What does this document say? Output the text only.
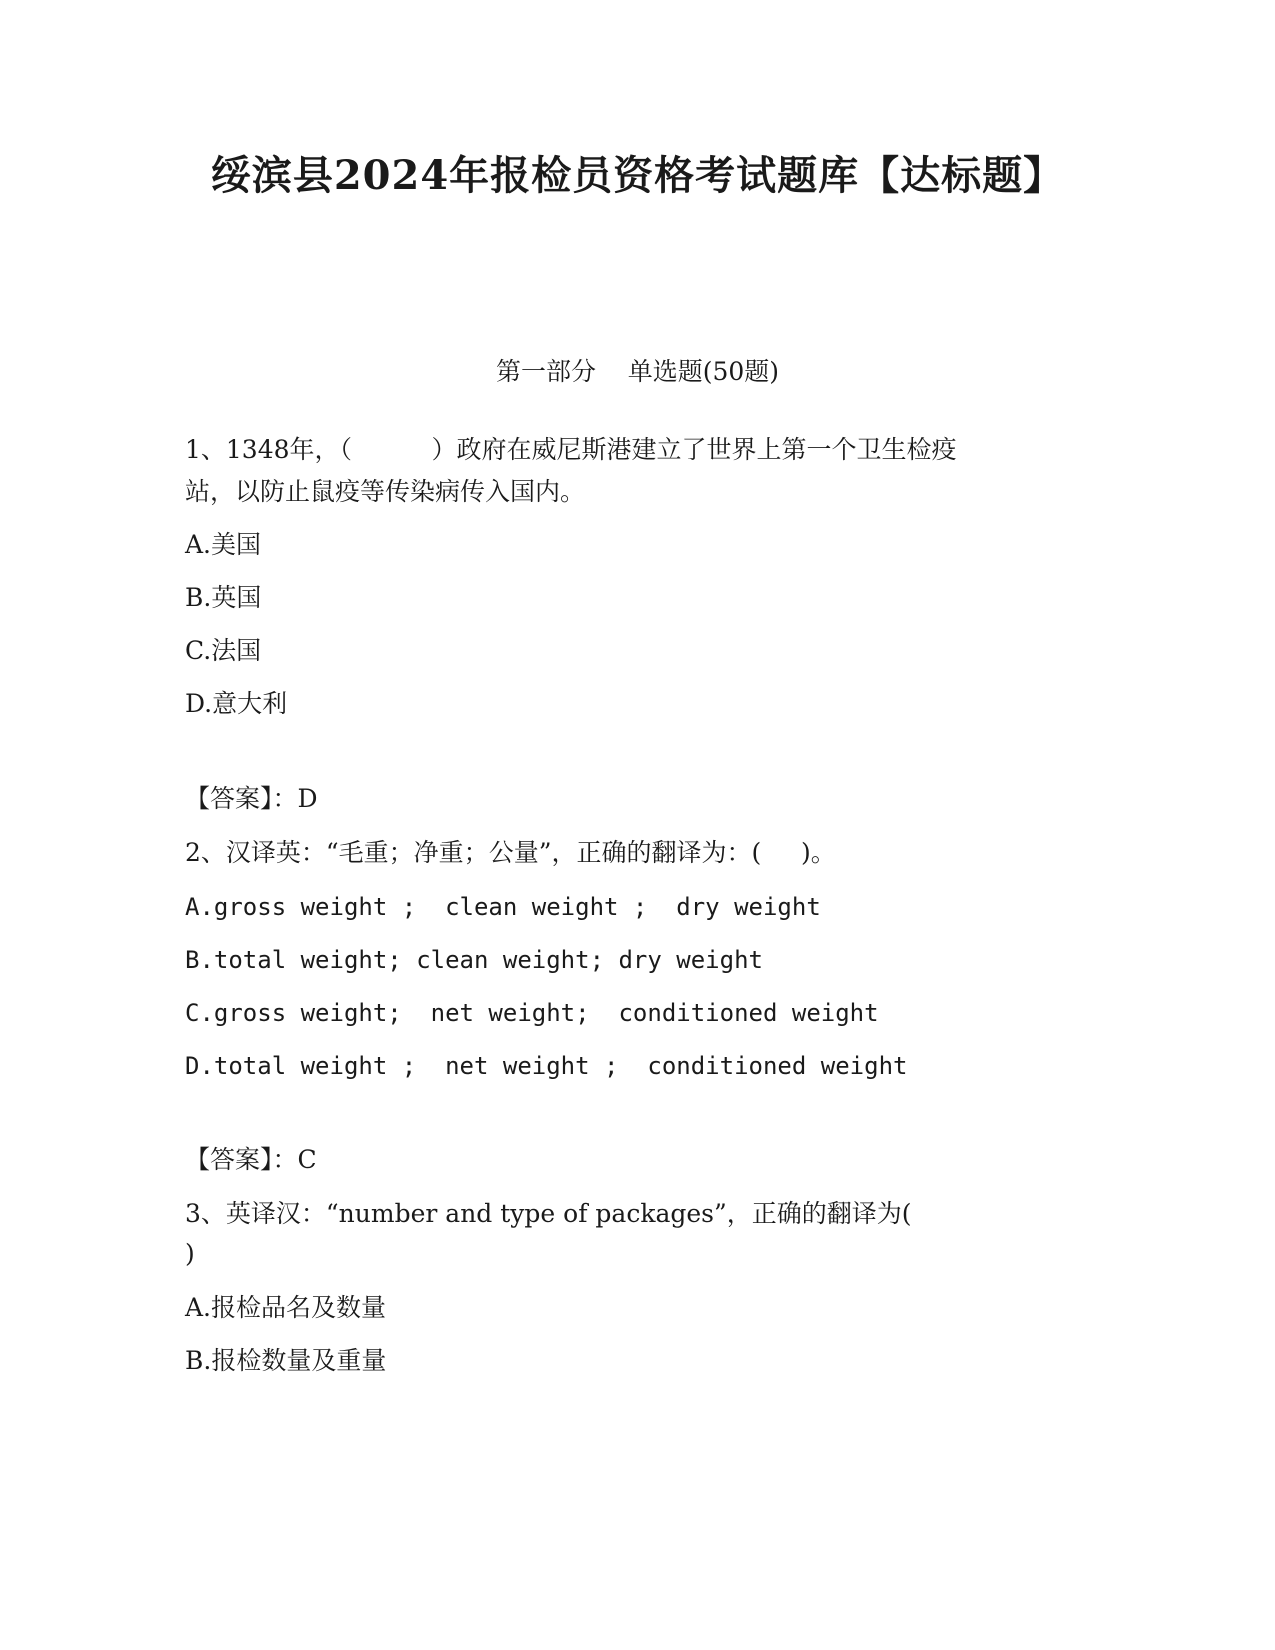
绥滨县2024年报检员资格考试题库【达标题】
第一部分    单选题(50题)
1、1348年，（          ）政府在威尼斯港建立了世界上第一个卫生检疫
站，以防止鼠疫等传染病传入国内。
A.美国
B.英国
C.法国
D.意大利
【答案】：D
2、汉译英：“毛重；净重；公量”，正确的翻译为：(     )。
A.gross weight ;  clean weight ;  dry weight
B.total weight; clean weight; dry weight
C.gross weight;  net weight;  conditioned weight
D.total weight ;  net weight ;  conditioned weight
【答案】：C
3、英译汉：“number and type of packages”，正确的翻译为(
)
A.报检品名及数量
B.报检数量及重量
